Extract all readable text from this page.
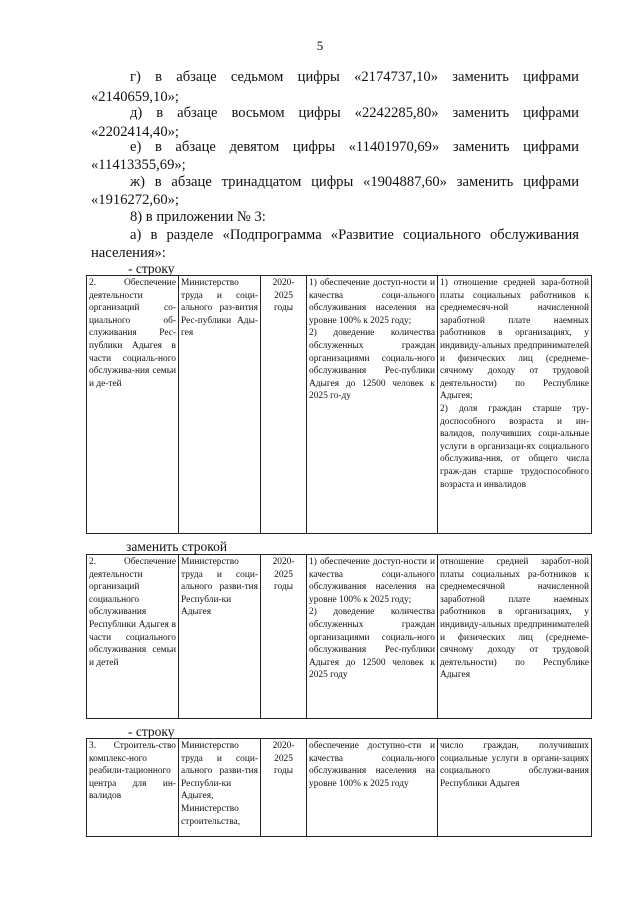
5
г) в абзаце седьмом цифры «2174737,10» заменить цифрами
«2140659,10»;
д) в абзаце восьмом цифры «2242285,80» заменить цифрами
«2202414,40»;
е) в абзаце девятом цифры «11401970,69» заменить цифрами
«11413355,69»;
ж) в абзаце тринадцатом цифры «1904887,60» заменить цифрами
«1916272,60»;
8) в приложении № 3:
а) в разделе «Подпрограмма «Развитие социального обслуживания
населения»:
- строку
2. Обеспечение деятельности организаций со-циального об-служивания Рес-публики Адыгея в части социаль-ного обслужива-ния семьи и де-тей	Министерство труда и соци-ального раз-вития Рес-публики Ады-гея	2020-
2025
годы	1) обеспечение доступ-ности и качества соци-ального обслуживания населения на уровне 100% к 2025 году;
2) доведение количества обслуженных граждан организациями социаль-ного обслуживания Рес-публики Адыгея до 12500 человек к 2025 го-ду	1) отношение средней зара-ботной платы социальных работников к среднемесяч-ной начисленной заработной плате наемных работников в организациях, у индивиду-альных предпринимателей и физических лиц (среднеме-сячному доходу от трудовой деятельности) по Республике Адыгея;
2) доля граждан старше тру-доспособного возраста и ин-валидов, получивших соци-альные услуги в организаци-ях социального обслужива-ния, от общего числа граж-дан старше трудоспособного возраста и инвалидов
заменить строкой
2. Обеспечение деятельности организаций социального обслуживания Республики Адыгея в части социального обслуживания семьи и детей	Министерство труда и соци-ального разви-тия Республи-ки Адыгея	2020-
2025
годы	1) обеспечение доступ-ности и качества соци-ального обслуживания населения на уровне 100% к 2025 году;
2) доведение количества обслуженных граждан организациями социаль-ного обслуживания Рес-публики Адыгея до 12500 человек к 2025 году	отношение средней заработ-ной платы социальных ра-ботников к среднемесячной начисленной заработной плате наемных работников в организациях, у индивиду-альных предпринимателей и физических лиц (среднеме-сячному доходу от трудовой деятельности) по Республике Адыгея
- строку
3. Строитель-ство комплекс-ного реабили-тационного центра для ин-валидов	Министерство труда и соци-ального разви-тия Республи-ки Адыгея, Министерство строительства,	2020-
2025
годы	обеспечение доступно-сти и качества социаль-ного обслуживания населения на уровне 100% к 2025 году	число граждан, получивших социальные услуги в органи-зациях социального обслужи-вания Республики Адыгея
